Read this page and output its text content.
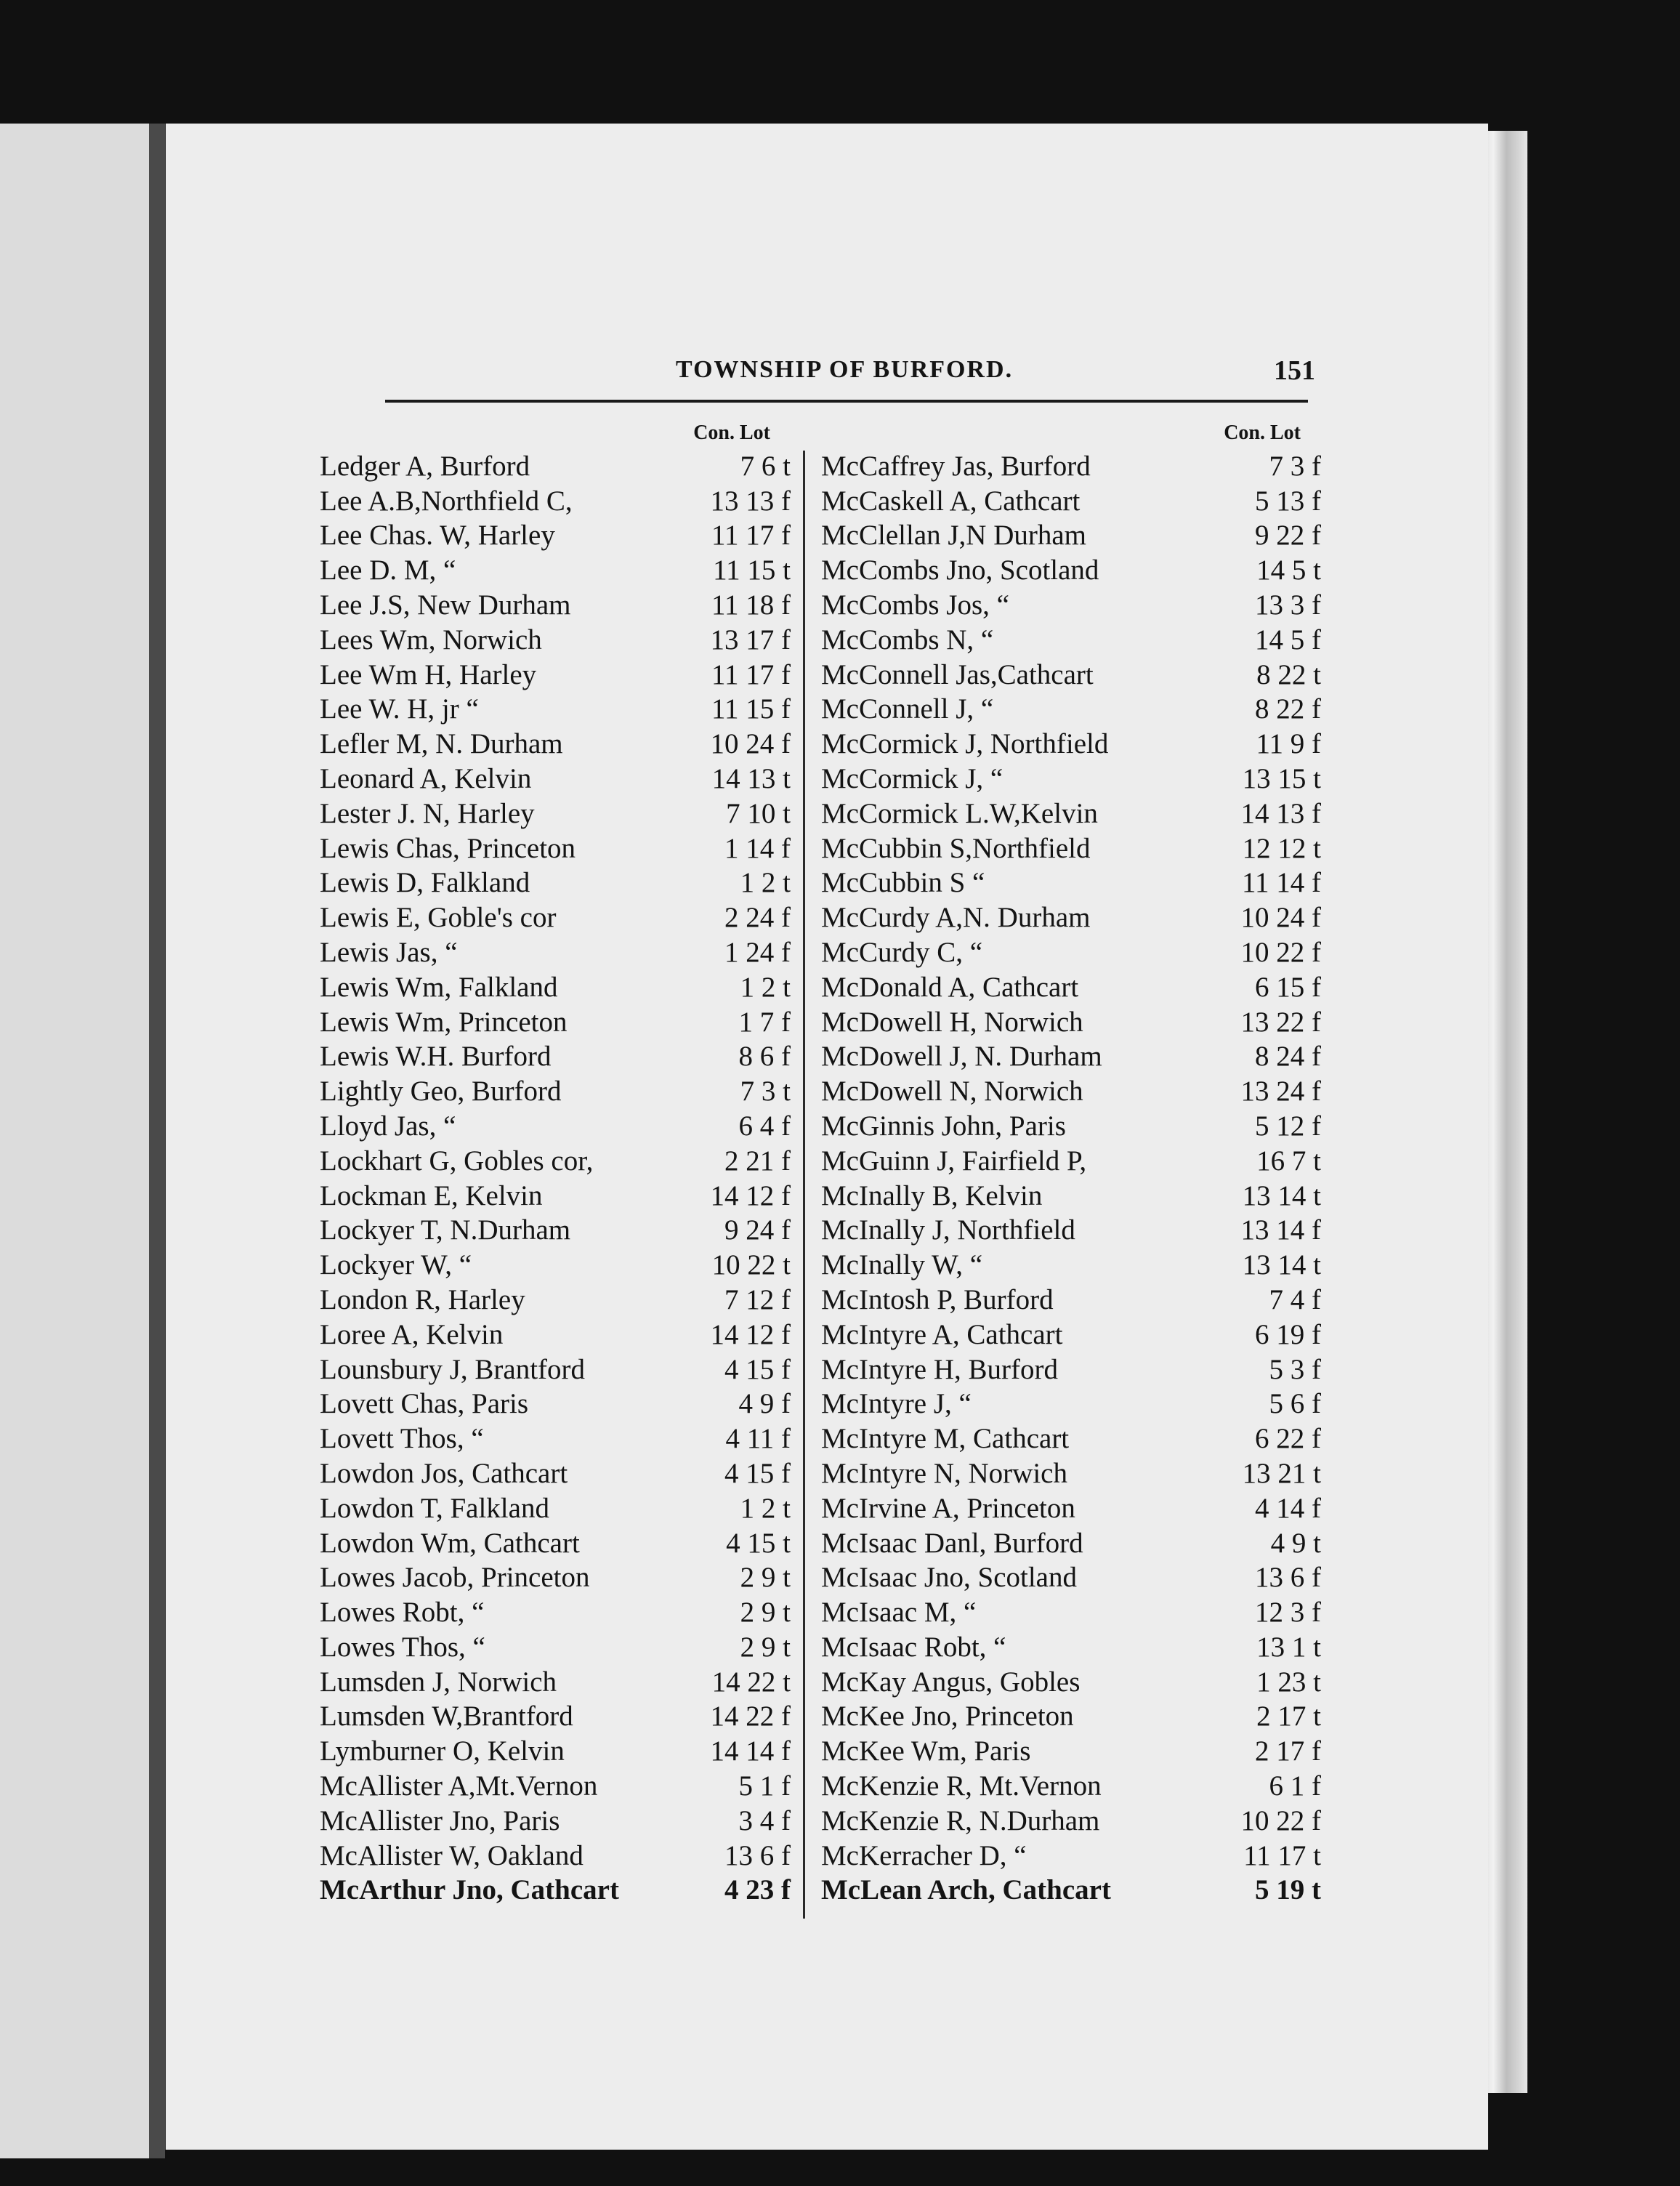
TOWNSHIP OF BURFORD.	151
Con. Lot
Ledger A, Burford	7 6 t
Lee A.B,Northfield C,	13 13 f
Lee Chas. W, Harley	11 17 f
Lee D. M, “	11 15 t
Lee J.S, New Durham	11 18 f
Lees Wm, Norwich	13 17 f
Lee Wm H, Harley	11 17 f
Lee W. H, jr “	11 15 f
Lefler M, N. Durham	10 24 f
Leonard A, Kelvin	14 13 t
Lester J. N, Harley	7 10 t
Lewis Chas, Princeton	1 14 f
Lewis D, Falkland	1 2 t
Lewis E, Goble's cor	2 24 f
Lewis Jas, “	1 24 f
Lewis Wm, Falkland	1 2 t
Lewis Wm, Princeton	1 7 f
Lewis W.H. Burford	8 6 f
Lightly Geo, Burford	7 3 t
Lloyd Jas, “	6 4 f
Lockhart G, Gobles cor,	2 21 f
Lockman E, Kelvin	14 12 f
Lockyer T, N.Durham	9 24 f
Lockyer W, “	10 22 t
London R, Harley	7 12 f
Loree A, Kelvin	14 12 f
Lounsbury J, Brantford	4 15 f
Lovett Chas, Paris	4 9 f
Lovett Thos, “	4 11 f
Lowdon Jos, Cathcart	4 15 f
Lowdon T, Falkland	1 2 t
Lowdon Wm, Cathcart	4 15 t
Lowes Jacob, Princeton	2 9 t
Lowes Robt, “	2 9 t
Lowes Thos, “	2 9 t
Lumsden J, Norwich	14 22 t
Lumsden W,Brantford	14 22 f
Lymburner O, Kelvin	14 14 f
McAllister A,Mt.Vernon	5 1 f
McAllister Jno, Paris	3 4 f
McAllister W, Oakland	13 6 f
McArthur Jno, Cathcart	4 23 f
Con. Lot
McCaffrey Jas, Burford	7 3 f
McCaskell A, Cathcart	5 13 f
McClellan J,N Durham	9 22 f
McCombs Jno, Scotland	14 5 t
McCombs Jos, “	13 3 f
McCombs N, “	14 5 f
McConnell Jas,Cathcart	8 22 t
McConnell J, “	8 22 f
McCormick J, Northfield	11 9 f
McCormick J, “	13 15 t
McCormick L.W,Kelvin	14 13 f
McCubbin S,Northfield	12 12 t
McCubbin S “	11 14 f
McCurdy A,N. Durham	10 24 f
McCurdy C, “	10 22 f
McDonald A, Cathcart	6 15 f
McDowell H, Norwich	13 22 f
McDowell J, N. Durham	8 24 f
McDowell N, Norwich	13 24 f
McGinnis John, Paris	5 12 f
McGuinn J, Fairfield P,	16 7 t
McInally B, Kelvin	13 14 t
McInally J, Northfield	13 14 f
McInally W, “	13 14 t
McIntosh P, Burford	7 4 f
McIntyre A, Cathcart	6 19 f
McIntyre H, Burford	5 3 f
McIntyre J, “	5 6 f
McIntyre M, Cathcart	6 22 f
McIntyre N, Norwich	13 21 t
McIrvine A, Princeton	4 14 f
McIsaac Danl, Burford	4 9 t
McIsaac Jno, Scotland	13 6 f
McIsaac M, “	12 3 f
McIsaac Robt, “	13 1 t
McKay Angus, Gobles	1 23 t
McKee Jno, Princeton	2 17 t
McKee Wm, Paris	2 17 f
McKenzie R, Mt.Vernon	6 1 f
McKenzie R, N.Durham	10 22 f
McKerracher D, “	11 17 t
McLean Arch, Cathcart	5 19 t
